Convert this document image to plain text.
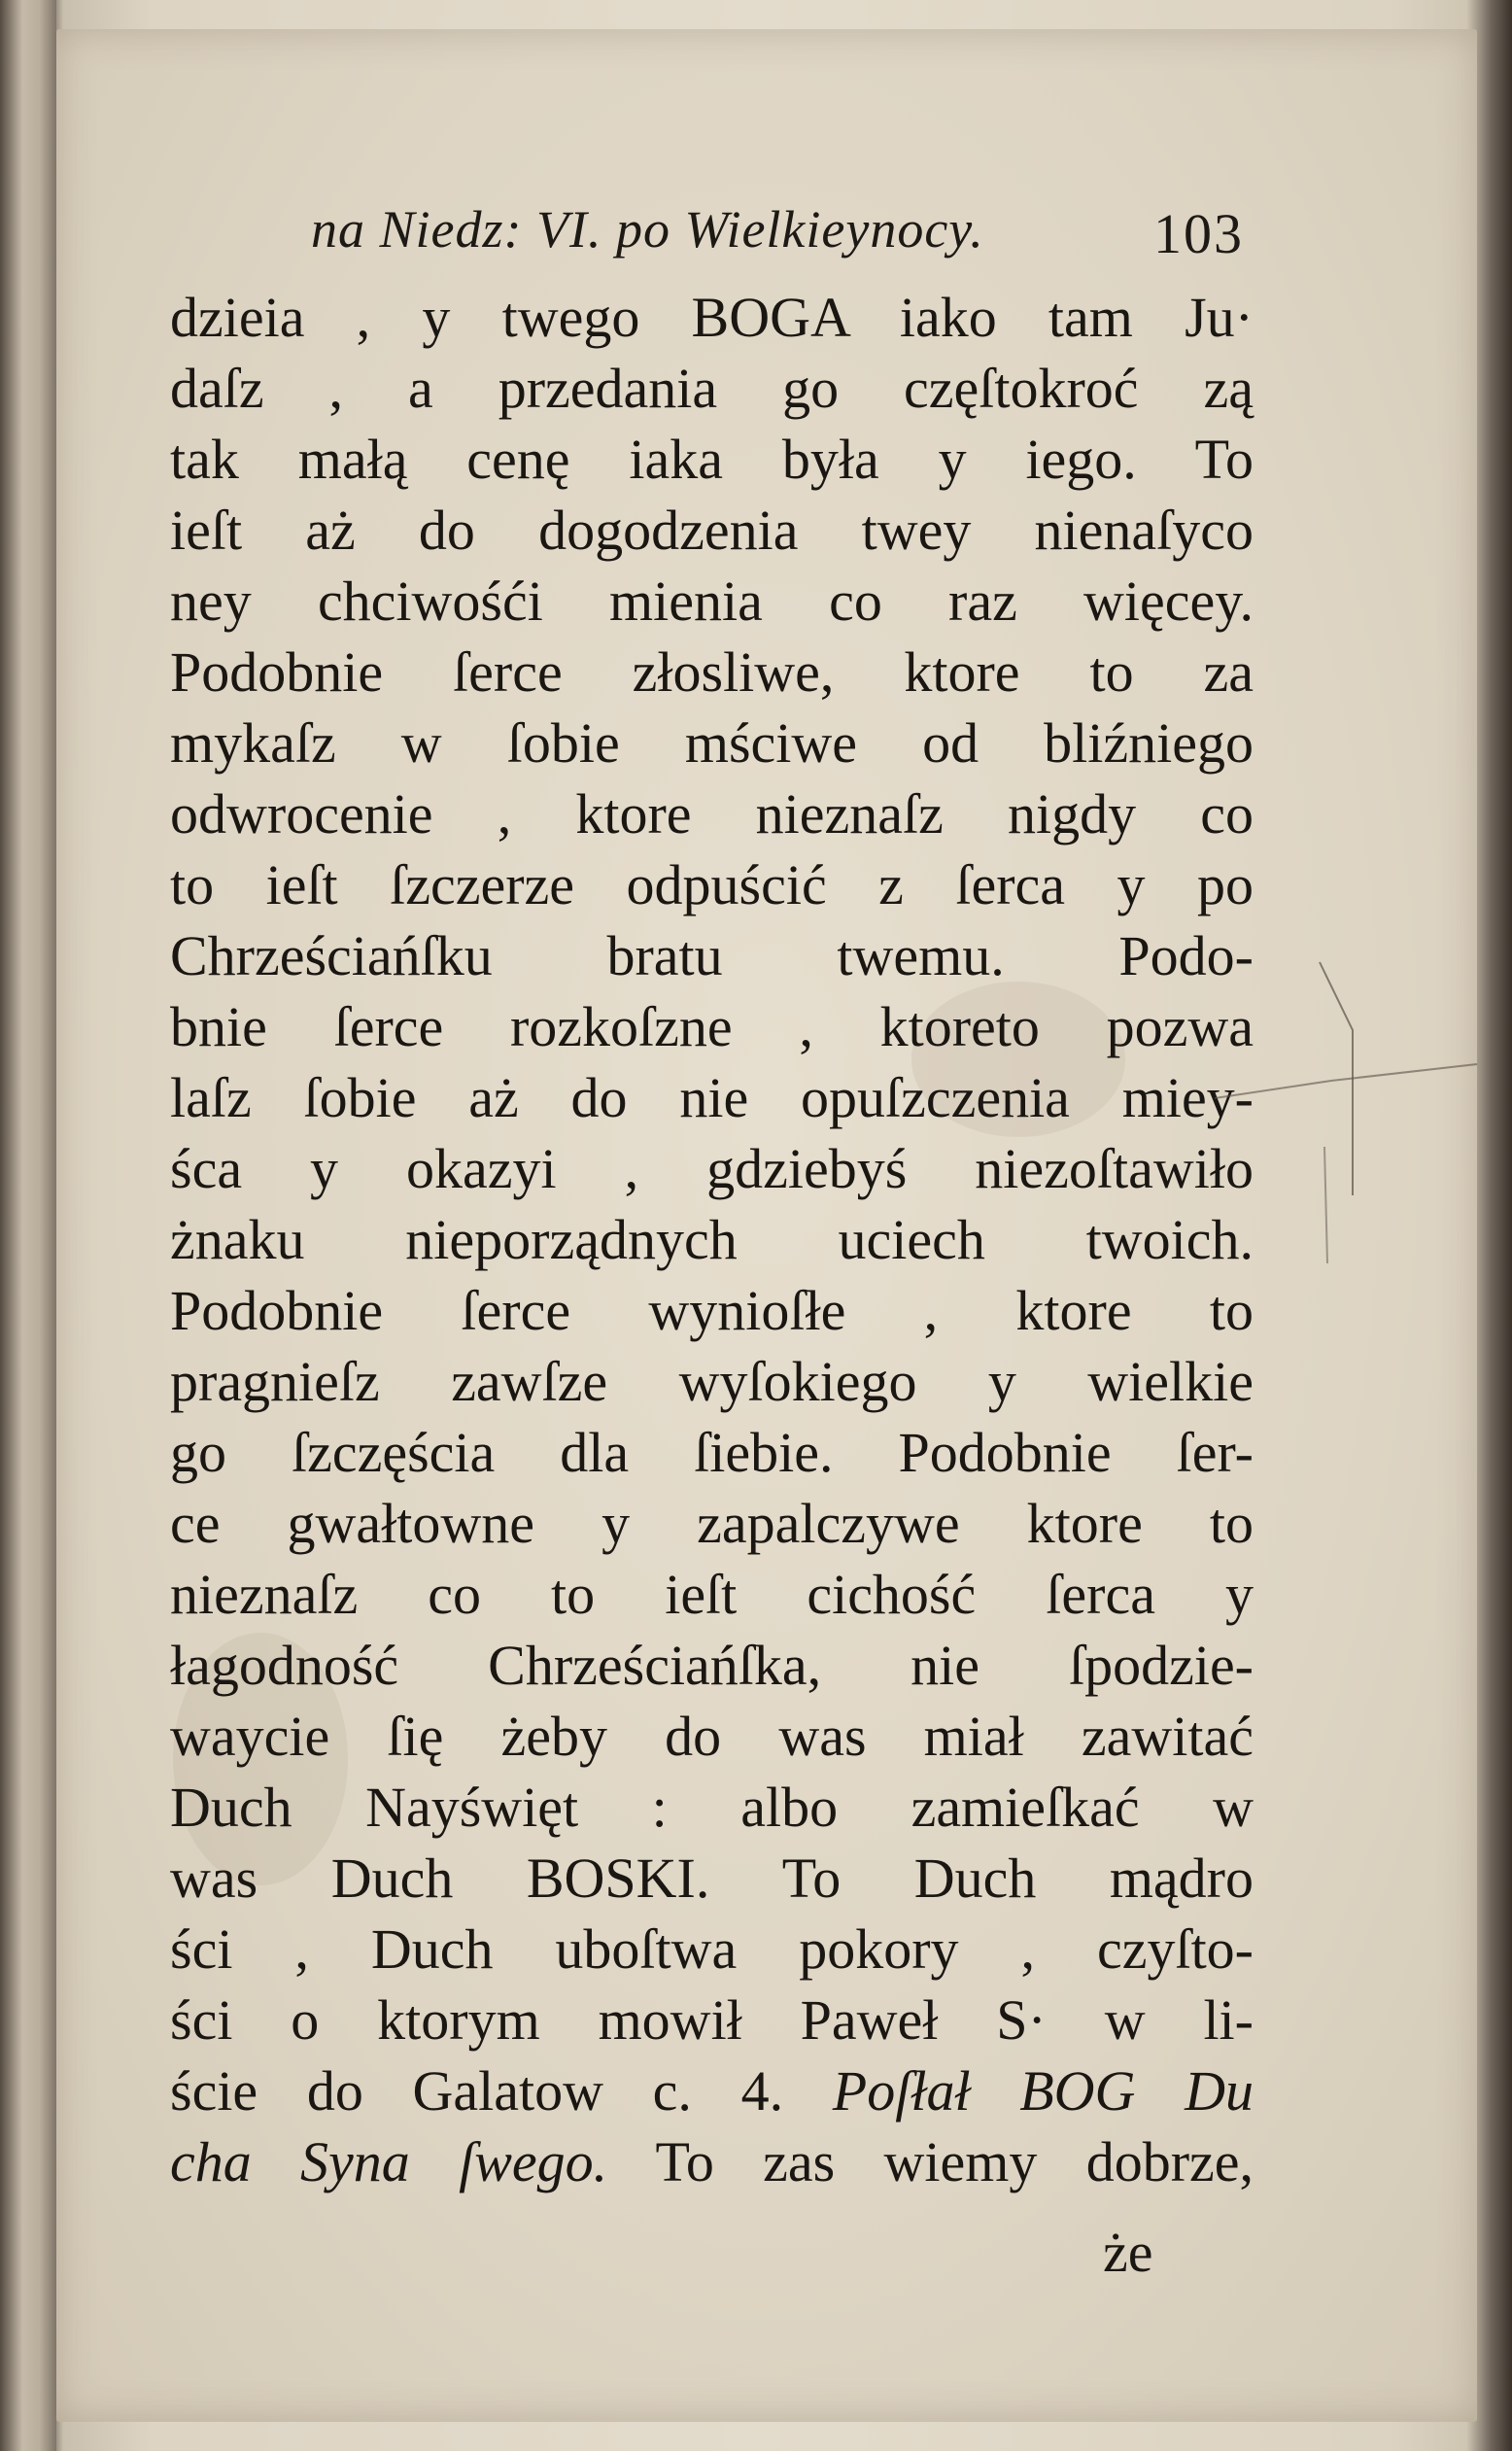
na Niedz: VI. po Wielkieynocy.	103
dzieia , y twego BOGA iako tam Ju·
daſz , a przedania go częſtokroć zą
tak małą cenę iaka była y iego. To
ieſt aż do dogodzenia twey nienaſyco
ney chciwośći mienia co raz więcey.
Podobnie ſerce złosliwe, ktore to za
mykaſz w ſobie mściwe od bliźniego
odwrocenie , ktore nieznaſz nigdy co
to ieſt ſzczerze odpuścić z ſerca y po
Chrześciańſku bratu twemu. Podo-
bnie ſerce rozkoſzne , ktoreto pozwa
laſz ſobie aż do nie opuſzczenia miey-
śca y okazyi , gdziebyś niezoſtawiło
żnaku nieporządnych uciech twoich.
Podobnie ſerce wynioſłe , ktore to
pragnieſz zawſze wyſokiego y wielkie
go ſzczęścia dla ſiebie. Podobnie ſer-
ce gwałtowne y zapalczywe ktore to
nieznaſz co to ieſt cichość ſerca y
łagodność Chrześciańſka, nie ſpodzie-
waycie ſię żeby do was miał zawitać
Duch Nayświęt : albo zamieſkać w
was Duch BOSKI. To Duch mądro
ści , Duch uboſtwa pokory , czyſto-
ści o ktorym mowił Paweł S· w li-
ście do Galatow c. 4. Poſłał BOG Du
cha Syna ſwego. To zas wiemy dobrze,
że
